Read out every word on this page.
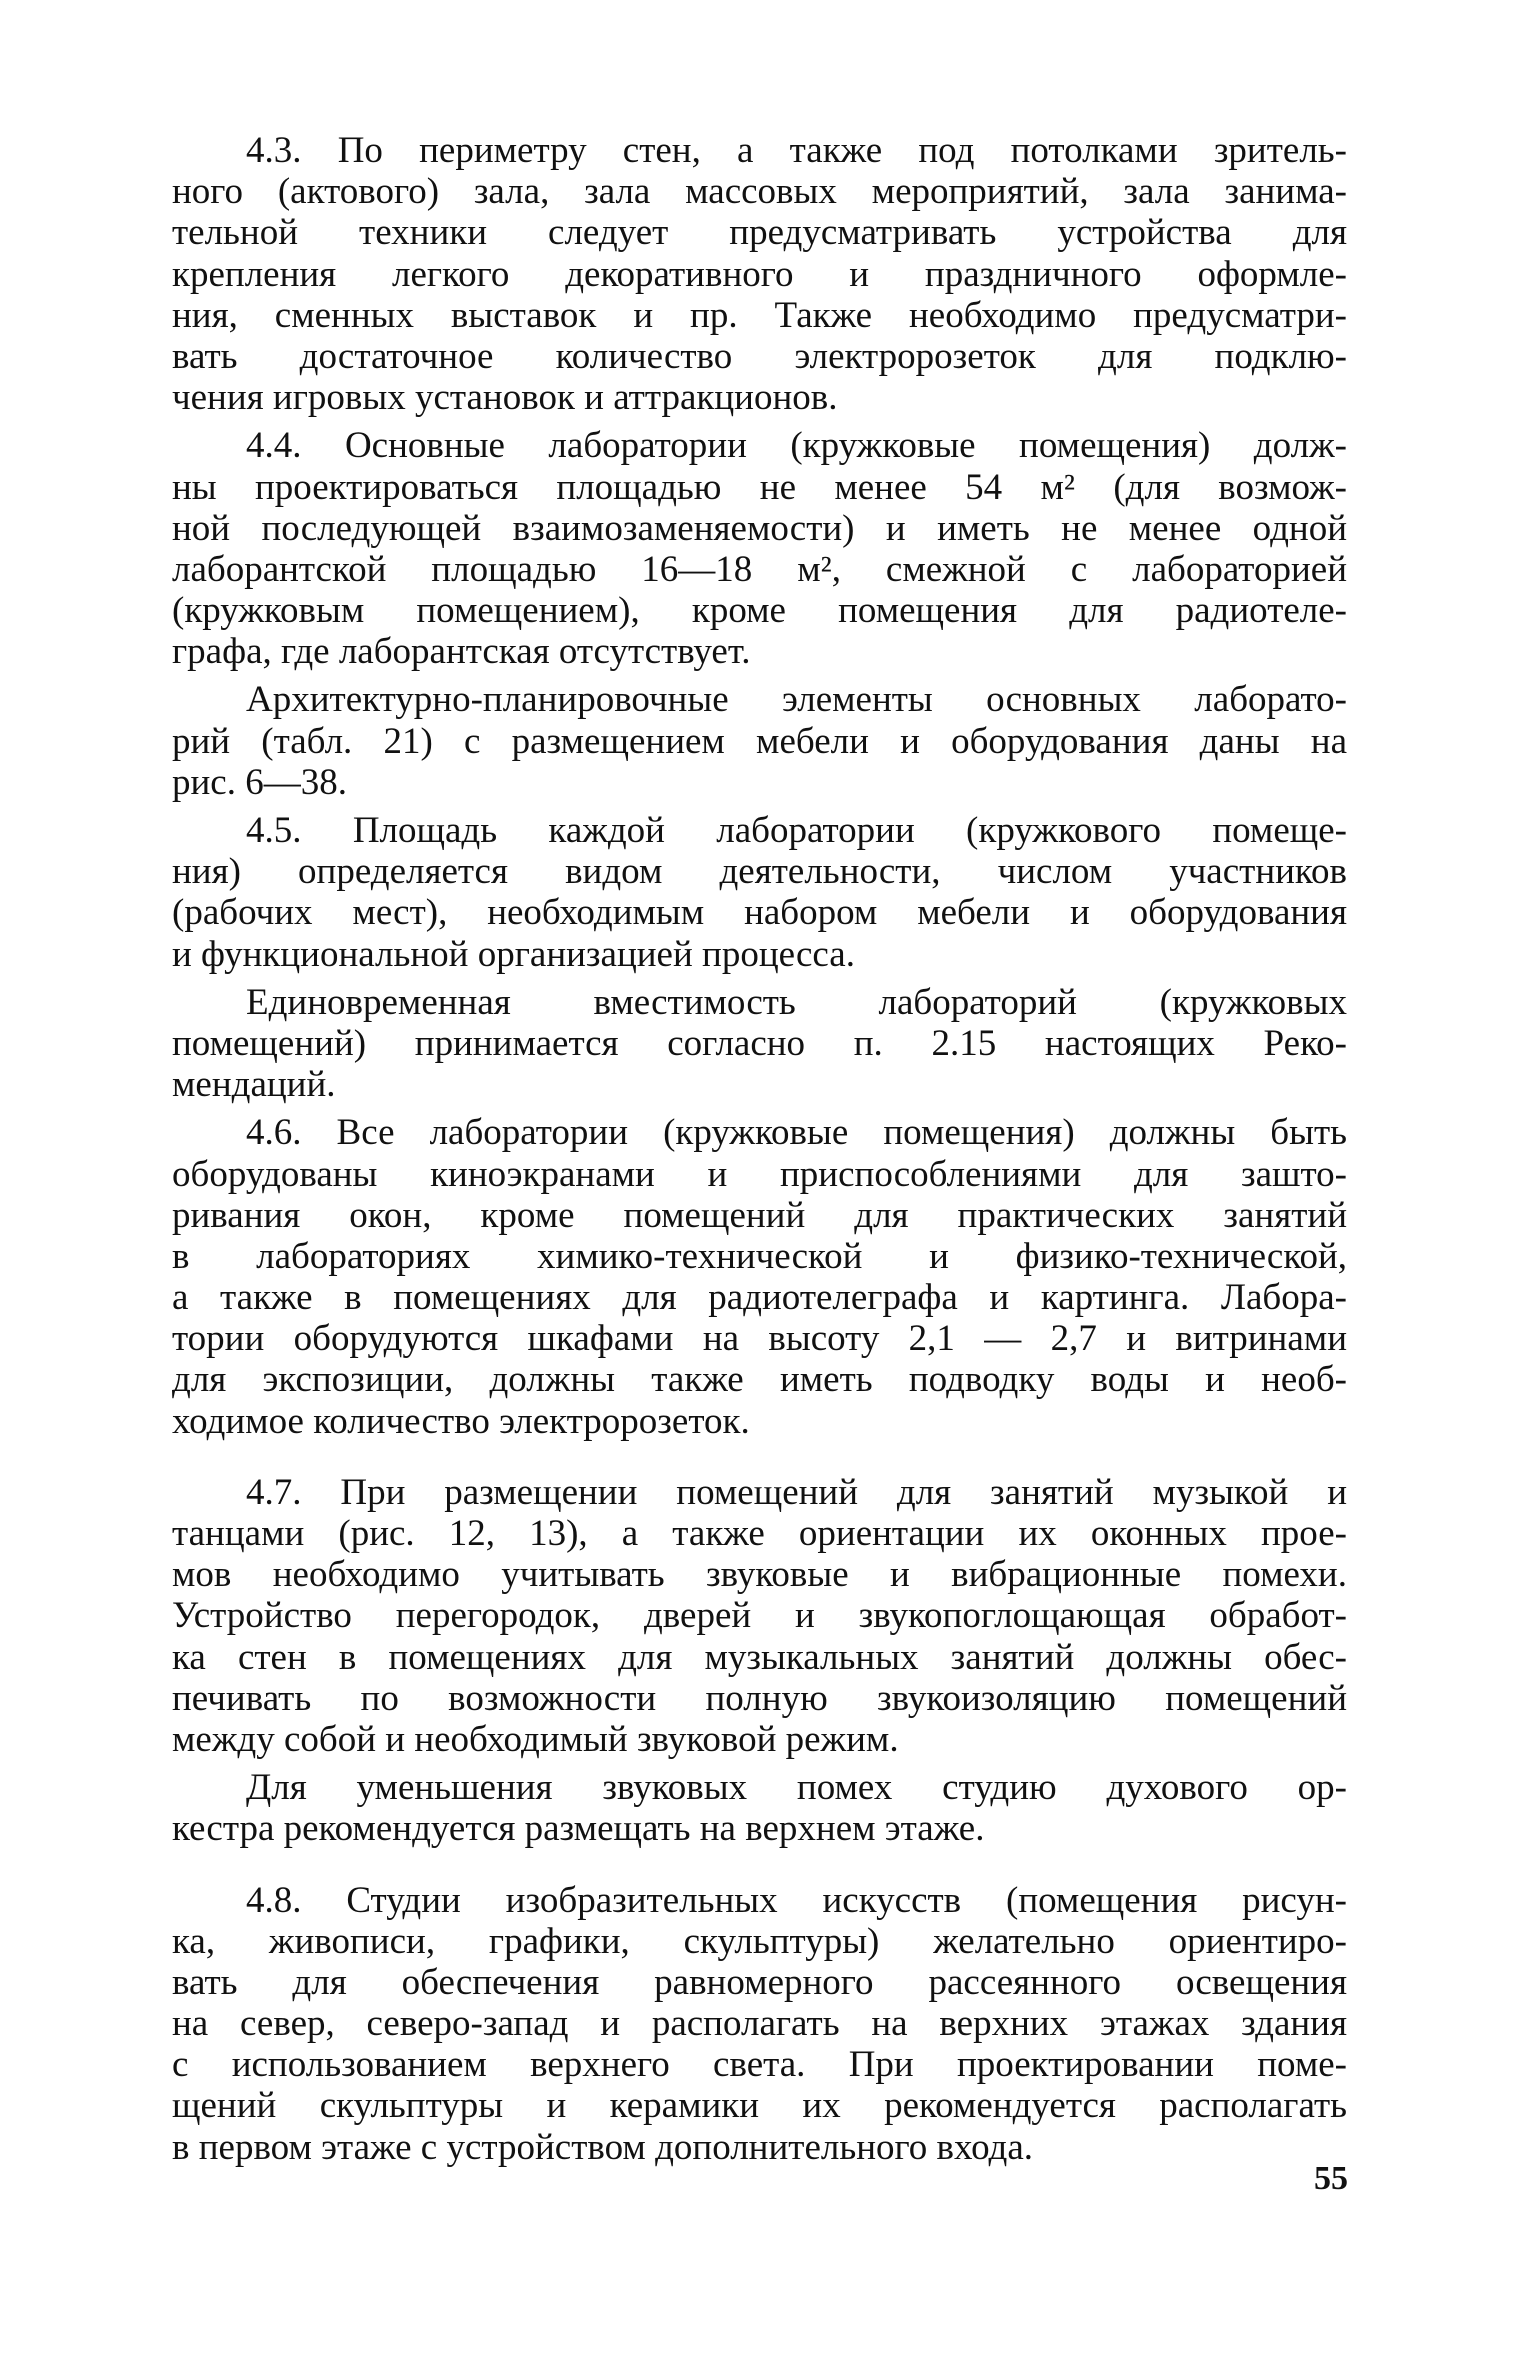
4.3. По периметру стен, а также под потолками зритель-
ного (актового) зала, зала массовых мероприятий, зала занима-
тельной техники следует предусматривать устройства для
крепления легкого декоративного и праздничного оформле-
ния, сменных выставок и пр. Также необходимо предусматри-
вать достаточное количество электророзеток для подклю-
чения игровых установок и аттракционов.
4.4. Основные лаборатории (кружковые помещения) долж-
ны проектироваться площадью не менее 54 м² (для возмож-
ной последующей взаимозаменяемости) и иметь не менее одной
лаборантской площадью 16—18 м², смежной с лабораторией
(кружковым помещением), кроме помещения для радиотеле-
графа, где лаборантская отсутствует.
Архитектурно-планировочные элементы основных лаборато-
рий (табл. 21) с размещением мебели и оборудования даны на
рис. 6—38.
4.5. Площадь каждой лаборатории (кружкового помеще-
ния) определяется видом деятельности, числом участников
(рабочих мест), необходимым набором мебели и оборудования
и функциональной организацией процесса.
Единовременная вместимость лабораторий (кружковых
помещений) принимается согласно п. 2.15 настоящих Реко-
мендаций.
4.6. Все лаборатории (кружковые помещения) должны быть
оборудованы киноэкранами и приспособлениями для зашто-
ривания окон, кроме помещений для практических занятий
в лабораториях химико-технической и физико-технической,
а также в помещениях для радиотелеграфа и картинга. Лабора-
тории оборудуются шкафами на высоту 2,1 — 2,7 и витринами
для экспозиции, должны также иметь подводку воды и необ-
ходимое количество электророзеток.
4.7. При размещении помещений для занятий музыкой и
танцами (рис. 12, 13), а также ориентации их оконных прое-
мов необходимо учитывать звуковые и вибрационные помехи.
Устройство перегородок, дверей и звукопоглощающая обработ-
ка стен в помещениях для музыкальных занятий должны обес-
печивать по возможности полную звукоизоляцию помещений
между собой и необходимый звуковой режим.
Для уменьшения звуковых помех студию духового ор-
кестра рекомендуется размещать на верхнем этаже.
4.8. Студии изобразительных искусств (помещения рисун-
ка, живописи, графики, скульптуры) желательно ориентиро-
вать для обеспечения равномерного рассеянного освещения
на север, северо-запад и располагать на верхних этажах здания
с использованием верхнего света. При проектировании поме-
щений скульптуры и керамики их рекомендуется располагать
в первом этаже с устройством дополнительного входа.
55
